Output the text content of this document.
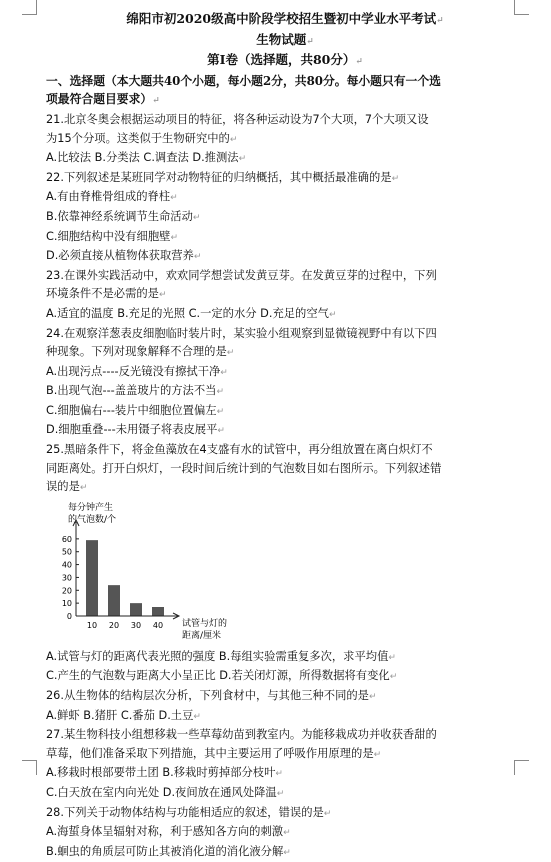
绵阳市初2020级高中阶段学校招生暨初中学业水平考试↵
生物试题↵
第Ⅰ卷（选择题，共80分）↵
一、选择题（本大题共40个小题，每小题2分，共80分。每小题只有一个选
项最符合题目要求）↵
21.北京冬奥会根据运动项目的特征，将各种运动设为7个大项，7个大项又设
为15个分项。这类似于生物研究中的↵
A.比较法 B.分类法 C.调查法 D.推测法↵
22.下列叙述是某班同学对动物特征的归纳概括，其中概括最准确的是↵
A.有由脊椎骨组成的脊柱↵
B.依靠神经系统调节生命活动↵
C.细胞结构中没有细胞壁↵
D.必须直接从植物体获取营养↵
23.在课外实践活动中，欢欢同学想尝试发黄豆芽。在发黄豆芽的过程中，下列
环境条件不是必需的是↵
A.适宜的温度 B.充足的光照 C.一定的水分 D.充足的空气↵
24.在观察洋葱表皮细胞临时装片时，某实验小组观察到显微镜视野中有以下四
种现象。下列对现象解释不合理的是↵
A.出现污点----反光镜没有擦拭干净↵
B.出现气泡---盖盖玻片的方法不当↵
C.细胞偏右---装片中细胞位置偏左↵
D.细胞重叠---未用镊子将表皮展平↵
25.黑暗条件下，将金鱼藻放在4支盛有水的试管中，再分组放置在离白炽灯不
同距离处。打开白炽灯，一段时间后统计到的气泡数目如右图所示。下列叙述错
误的是↵
每分钟产生
的气泡数/个
0
10
20
30
40
50
60
10 20 30 40 试管与灯的
距离/厘米
A.试管与灯的距离代表光照的强度 B.每组实验需重复多次，求平均值↵
C.产生的气泡数与距离大小呈正比 D.若关闭灯源，所得数据将有变化↵
26.从生物体的结构层次分析，下列食材中，与其他三种不同的是↵
A.鲜虾 B.猪肝 C.番茄 D.土豆↵
27.某生物科技小组想移栽一些草莓幼苗到教室内。为能移栽成功并收获香甜的
草莓，他们准备采取下列措施，其中主要运用了呼吸作用原理的是↵
A.移栽时根部要带土团 B.移栽时剪掉部分枝叶↵
C.白天放在室内向光处 D.夜间放在通风处降温↵
28.下列关于动物体结构与功能相适应的叙述，错误的是↵
A.海蜇身体呈辐射对称，利于感知各方向的刺激↵
B.蛔虫的角质层可防止其被消化道的消化液分解↵
